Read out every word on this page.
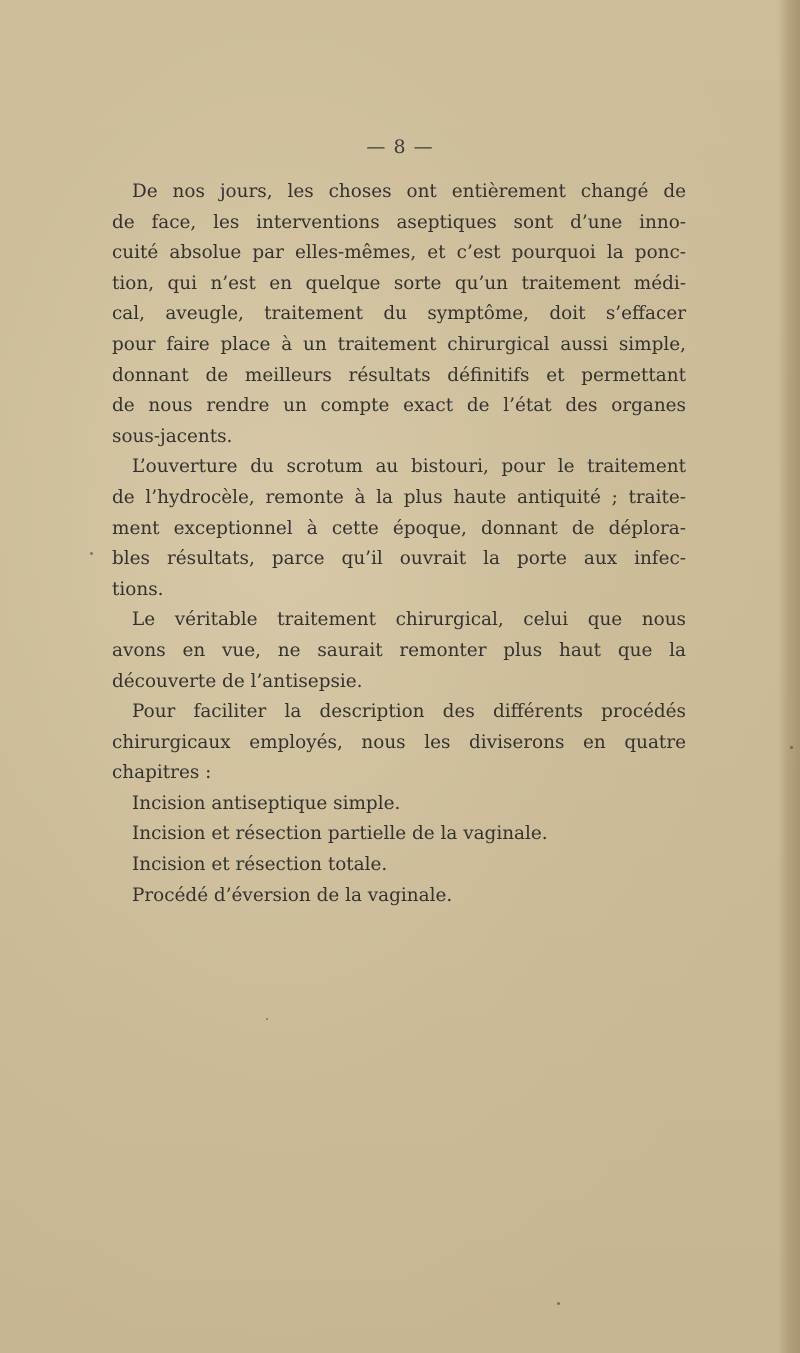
— 8 —
De nos jours, les choses ont entièrement changé de
de face, les interventions aseptiques sont d’une inno-
cuité absolue par elles-mêmes, et c’est pourquoi la ponc-
tion, qui n’est en quelque sorte qu’un traitement médi-
cal, aveugle, traitement du symptôme, doit s’effacer
pour faire place à un traitement chirurgical aussi simple,
donnant de meilleurs résultats définitifs et permettant
de nous rendre un compte exact de l’état des organes
sous-jacents.
L’ouverture du scrotum au bistouri, pour le traitement
de l’hydrocèle, remonte à la plus haute antiquité ; traite-
ment exceptionnel à cette époque, donnant de déplora-
bles résultats, parce qu’il ouvrait la porte aux infec-
tions.
Le véritable traitement chirurgical, celui que nous
avons en vue, ne saurait remonter plus haut que la
découverte de l’antisepsie.
Pour faciliter la description des différents procédés
chirurgicaux employés, nous les diviserons en quatre
chapitres :
Incision antiseptique simple.
Incision et résection partielle de la vaginale.
Incision et résection totale.
Procédé d’éversion de la vaginale.
